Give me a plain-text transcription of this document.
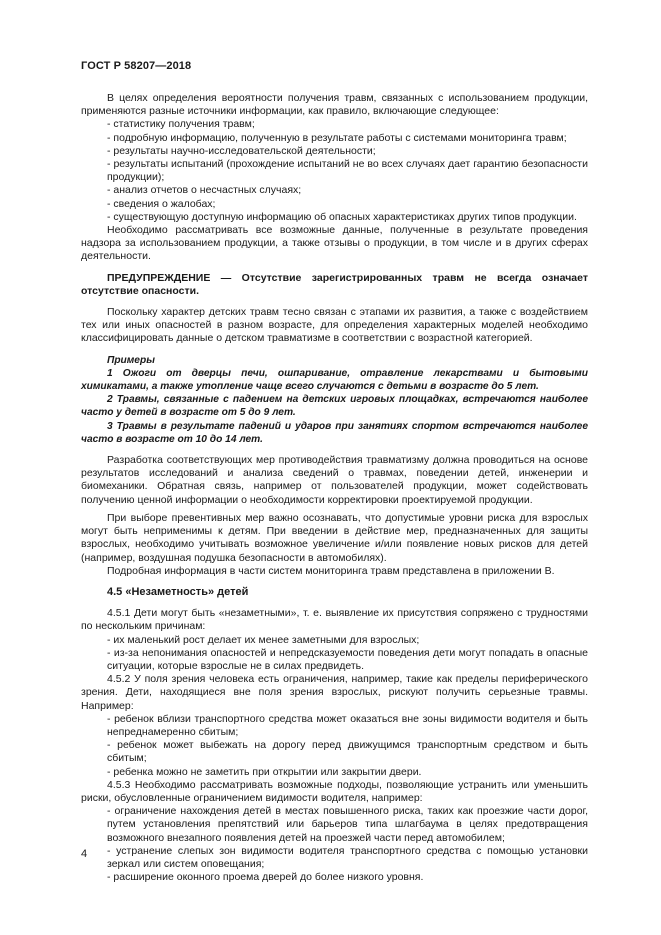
ГОСТ Р 58207—2018
В целях определения вероятности получения травм, связанных с использованием продукции, применяются разные источники информации, как правило, включающие следующее:
- статистику получения травм;
- подробную информацию, полученную в результате работы с системами мониторинга травм;
- результаты научно-исследовательской деятельности;
- результаты испытаний (прохождение испытаний не во всех случаях дает гарантию безопасности продукции);
- анализ отчетов о несчастных случаях;
- сведения о жалобах;
- существующую доступную информацию об опасных характеристиках других типов продукции.
Необходимо рассматривать все возможные данные, полученные в результате проведения надзора за использованием продукции, а также отзывы о продукции, в том числе и в других сферах деятельности.
ПРЕДУПРЕЖДЕНИЕ — Отсутствие зарегистрированных травм не всегда означает отсутствие опасности.
Поскольку характер детских травм тесно связан с этапами их развития, а также с воздействием тех или иных опасностей в разном возрасте, для определения характерных моделей необходимо классифицировать данные о детском травматизме в соответствии с возрастной категорией.
Примеры
1 Ожоги от дверцы печи, ошпаривание, отравление лекарствами и бытовыми химикатами, а также утопление чаще всего случаются с детьми в возрасте до 5 лет.
2 Травмы, связанные с падением на детских игровых площадках, встречаются наиболее часто у детей в возрасте от 5 до 9 лет.
3 Травмы в результате падений и ударов при занятиях спортом встречаются наиболее часто в возрасте от 10 до 14 лет.
Разработка соответствующих мер противодействия травматизму должна проводиться на основе результатов исследований и анализа сведений о травмах, поведении детей, инженерии и биомеханики. Обратная связь, например от пользователей продукции, может содействовать получению ценной информации о необходимости корректировки проектируемой продукции.
При выборе превентивных мер важно осознавать, что допустимые уровни риска для взрослых могут быть неприменимы к детям. При введении в действие мер, предназначенных для защиты взрослых, необходимо учитывать возможное увеличение и/или появление новых рисков для детей (например, воздушная подушка безопасности в автомобилях).
Подробная информация в части систем мониторинга травм представлена в приложении В.
4.5 «Незаметность» детей
4.5.1 Дети могут быть «незаметными», т. е. выявление их присутствия сопряжено с трудностями по нескольким причинам:
- их маленький рост делает их менее заметными для взрослых;
- из-за непонимания опасностей и непредсказуемости поведения дети могут попадать в опасные ситуации, которые взрослые не в силах предвидеть.
4.5.2 У поля зрения человека есть ограничения, например, такие как пределы периферического зрения. Дети, находящиеся вне поля зрения взрослых, рискуют получить серьезные травмы. Например:
- ребенок вблизи транспортного средства может оказаться вне зоны видимости водителя и быть непреднамеренно сбитым;
- ребенок может выбежать на дорогу перед движущимся транспортным средством и быть сбитым;
- ребенка можно не заметить при открытии или закрытии двери.
4.5.3 Необходимо рассматривать возможные подходы, позволяющие устранить или уменьшить риски, обусловленные ограничением видимости водителя, например:
- ограничение нахождения детей в местах повышенного риска, таких как проезжие части дорог, путем установления препятствий или барьеров типа шлагбаума в целях предотвращения возможного внезапного появления детей на проезжей части перед автомобилем;
- устранение слепых зон видимости водителя транспортного средства с помощью установки зеркал или систем оповещания;
- расширение оконного проема дверей до более низкого уровня.
4
